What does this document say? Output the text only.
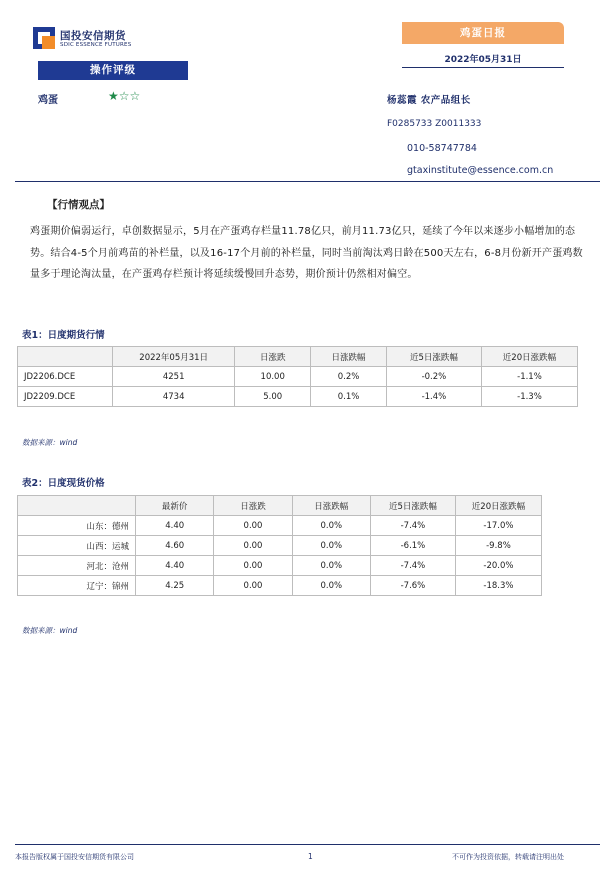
国投安信期货
SDIC ESSENCE FUTURES
鸡蛋日报
2022年05月31日
操作评级
鸡蛋	★☆☆	杨蕊霞 农产品组长
F0285733 Z0011333
010-58747784
gtaxinstitute@essence.com.cn
【行情观点】
鸡蛋期价偏弱运行，卓创数据显示，5月在产蛋鸡存栏量11.78亿只，前月11.73亿只，延续了今年以来逐步小幅增加的态势。结合4-5个月前鸡苗的补栏量，以及16-17个月前的补栏量，同时当前淘汰鸡日龄在500天左右，6-8月份新开产蛋鸡数量多于理论淘汰量，在产蛋鸡存栏预计将延续缓慢回升态势，期价预计仍然相对偏空。
表1：日度期货行情
	2022年05月31日	日涨跌	日涨跌幅	近5日涨跌幅	近20日涨跌幅
JD2206.DCE	4251	10.00	0.2%	-0.2%	-1.1%
JD2209.DCE	4734	5.00	0.1%	-1.4%	-1.3%
数据来源：wind
表2：日度现货价格
	最新价	日涨跌	日涨跌幅	近5日涨跌幅	近20日涨跌幅
山东：德州	4.40	0.00	0.0%	-7.4%	-17.0%
山西：运城	4.60	0.00	0.0%	-6.1%	-9.8%
河北：沧州	4.40	0.00	0.0%	-7.4%	-20.0%
辽宁：锦州	4.25	0.00	0.0%	-7.6%	-18.3%
数据来源：wind
本报告版权属于国投安信期货有限公司	1	不可作为投资依据，转载请注明出处
